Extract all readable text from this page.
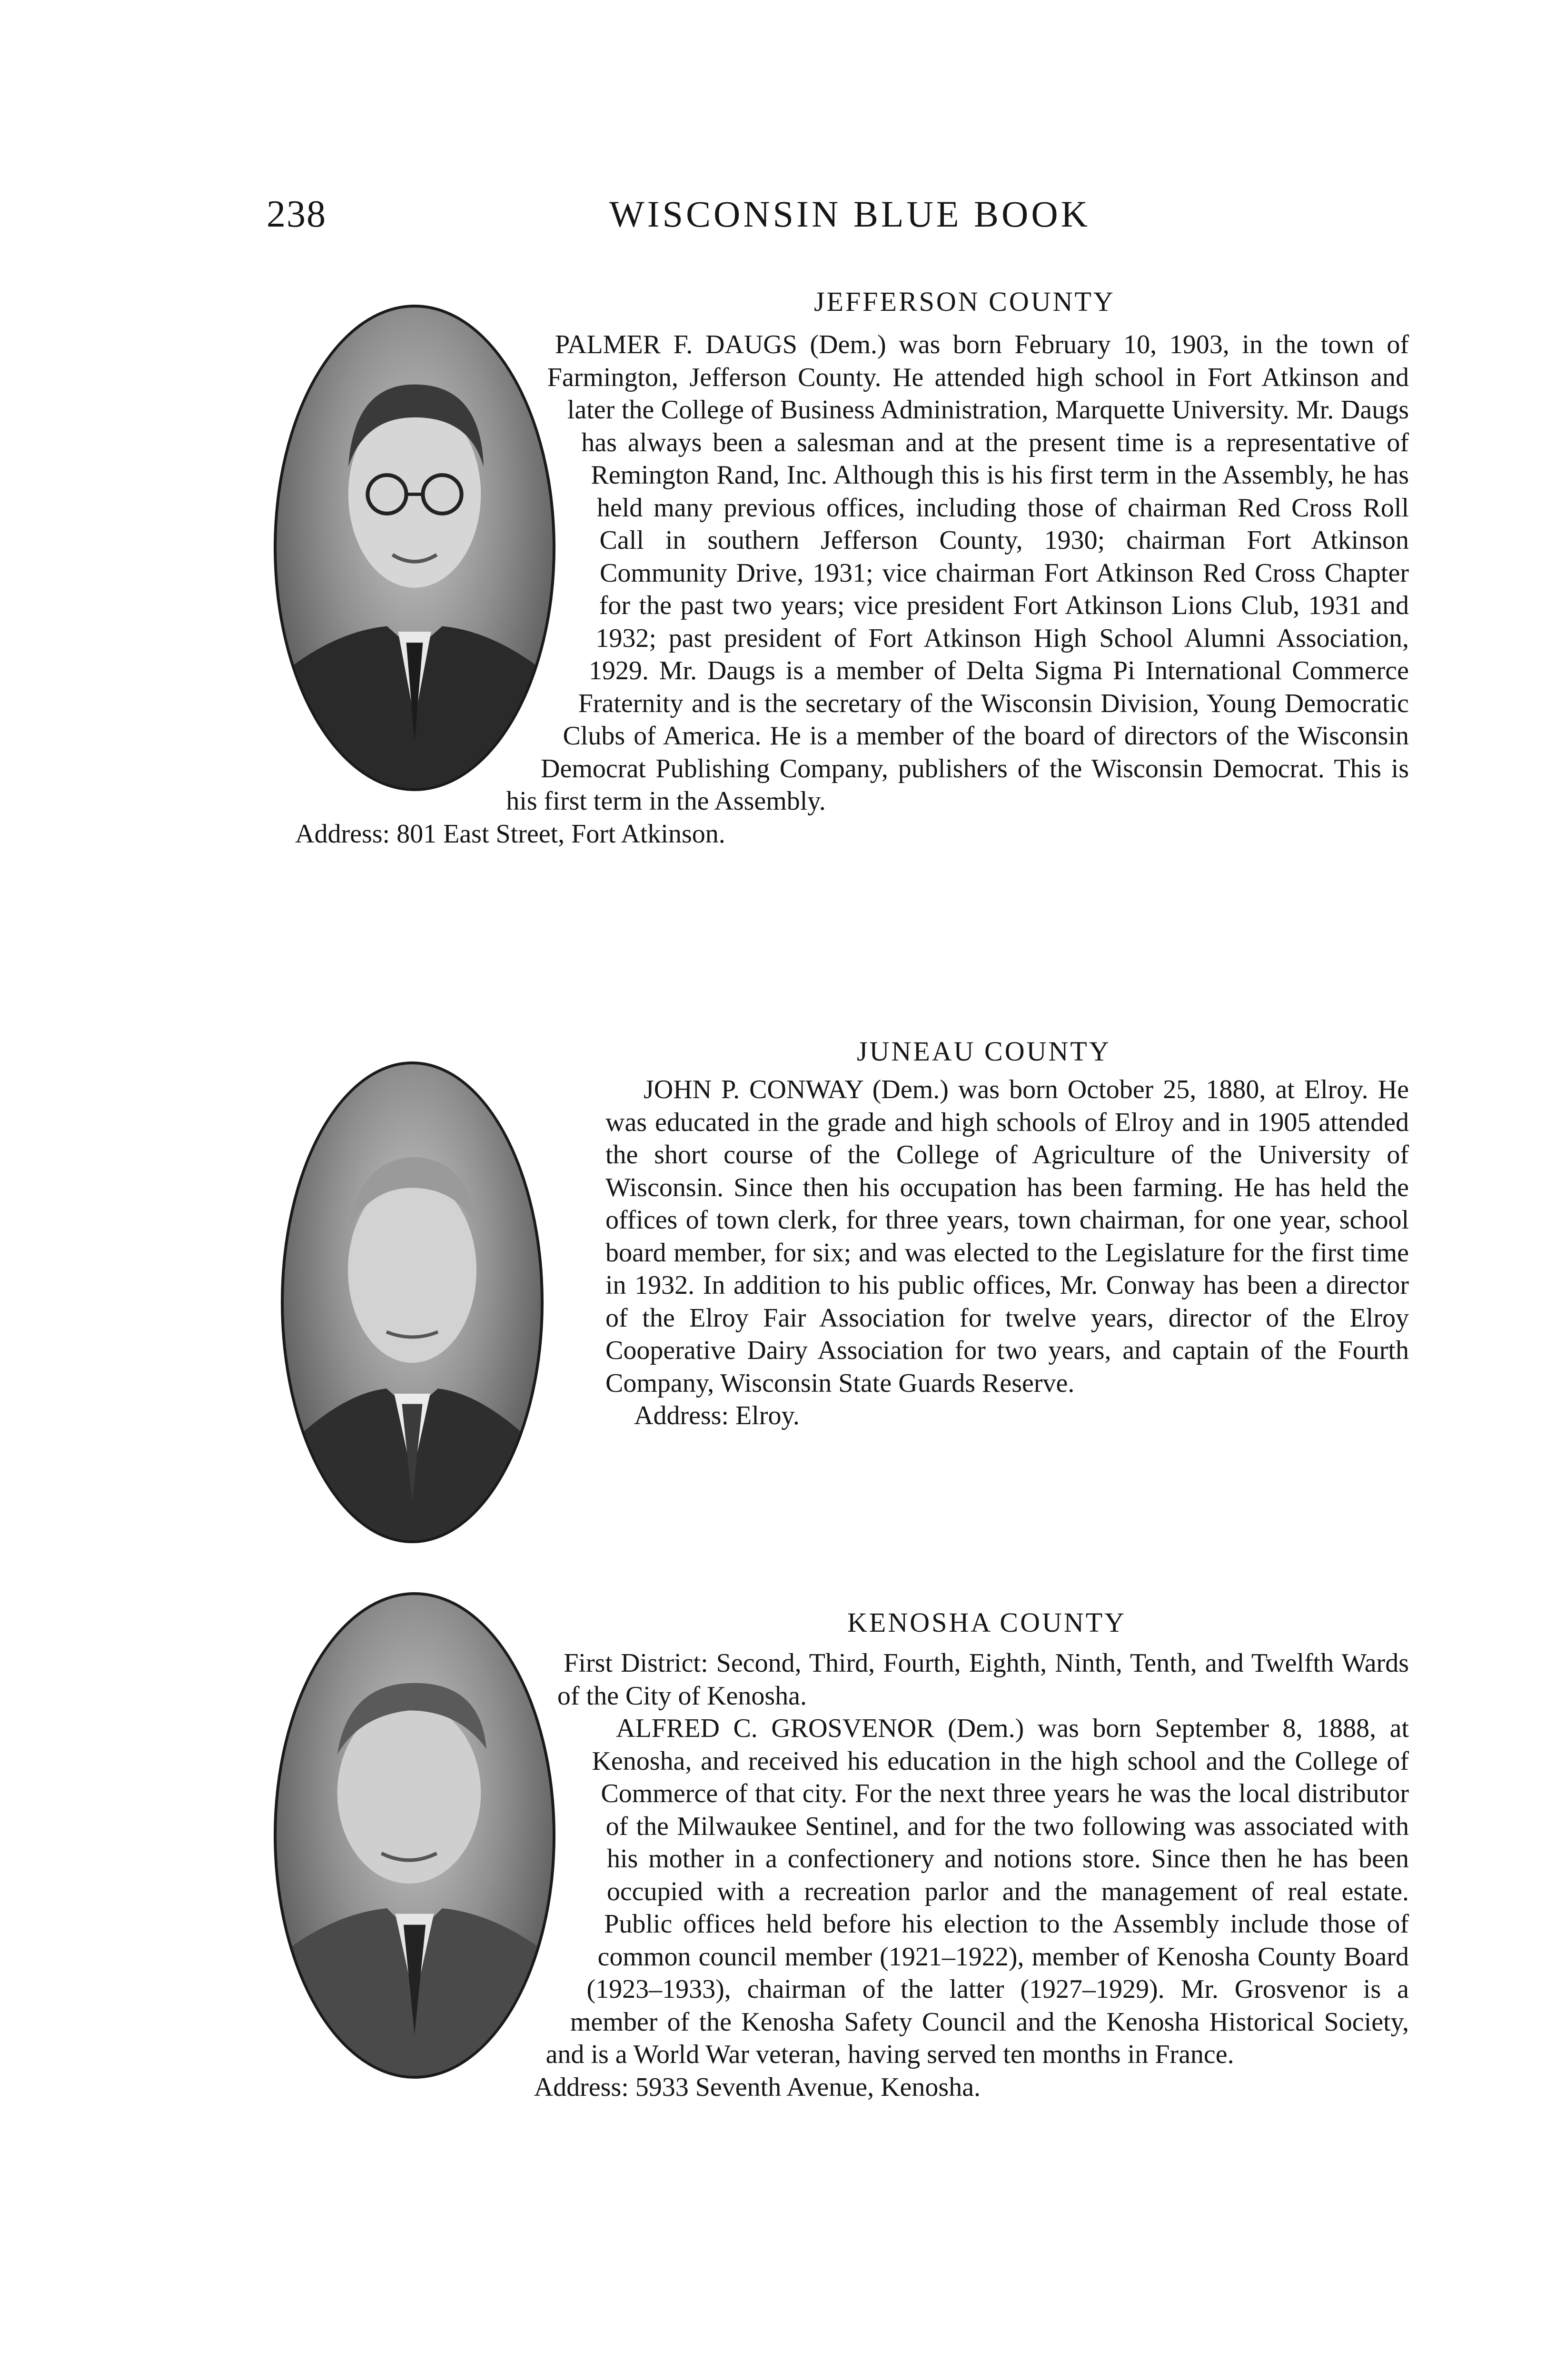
238	WISCONSIN BLUE BOOK
JEFFERSON COUNTY

PALMER F. DAUGS (Dem.) was born February 10, 1903, in the town of Farmington, Jefferson County. He attended high school in Fort Atkinson and later the College of Business Administration, Marquette University. Mr. Daugs has always been a salesman and at the present time is a representative of Remington Rand, Inc. Although this is his first term in the Assembly, he has held many previous offices, including those of chairman Red Cross Roll Call in southern Jefferson County, 1930; chairman Fort Atkinson Community Drive, 1931; vice chairman Fort Atkinson Red Cross Chapter for the past two years; vice president Fort Atkinson Lions Club, 1931 and 1932; past president of Fort Atkinson High School Alumni Association, 1929. Mr. Daugs is a member of Delta Sigma Pi International Commerce Fraternity and is the secretary of the Wisconsin Division, Young Democratic Clubs of America. He is a member of the board of directors of the Wisconsin Democrat Publishing Company, publishers of the Wisconsin Democrat. This is his first term in the Assembly.

Address: 801 East Street, Fort Atkinson.

JUNEAU COUNTY

JOHN P. CONWAY (Dem.) was born October 25, 1880, at Elroy. He was educated in the grade and high schools of Elroy and in 1905 attended the short course of the College of Agriculture of the University of Wisconsin. Since then his occupation has been farming. He has held the offices of town clerk, for three years, town chairman, for one year, school board member, for six; and was elected to the Legislature for the first time in 1932. In addition to his public offices, Mr. Conway has been a director of the Elroy Fair Association for twelve years, director of the Elroy Cooperative Dairy Association for two years, and captain of the Fourth Company, Wisconsin State Guards Reserve.

Address: Elroy.

KENOSHA COUNTY

First District: Second, Third, Fourth, Eighth, Ninth, Tenth, and Twelfth Wards of the City of Kenosha.

ALFRED C. GROSVENOR (Dem.) was born September 8, 1888, at Kenosha, and received his education in the high school and the College of Commerce of that city. For the next three years he was the local distributor of the Milwaukee Sentinel, and for the two following was associated with his mother in a confectionery and notions store. Since then he has been occupied with a recreation parlor and the management of real estate. Public offices held before his election to the Assembly include those of common council member (1921–1922), member of Kenosha County Board (1923–1933), chairman of the latter (1927–1929). Mr. Grosvenor is a member of the Kenosha Safety Council and the Kenosha Historical Society, and is a World War veteran, having served ten months in France.

Address: 5933 Seventh Avenue, Kenosha.
